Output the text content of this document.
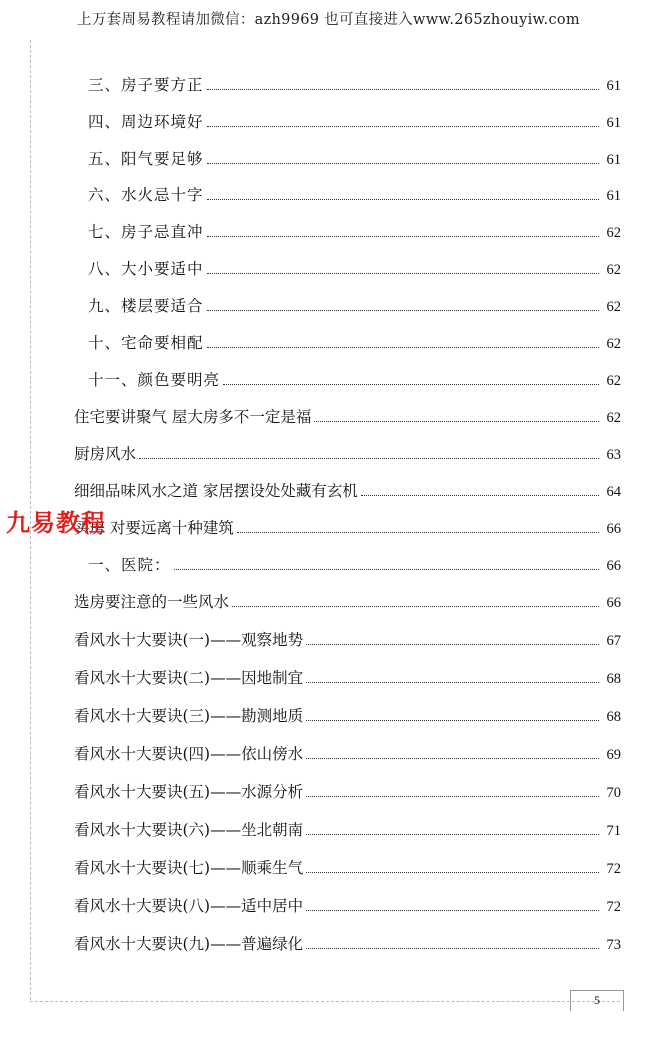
上万套周易教程请加微信：azh9969 也可直接进入www.265zhouyiw.com
三、房子要方正	61
四、周边环境好	61
五、阳气要足够	61
六、水火忌十字	61
七、房子忌直冲	62
八、大小要适中	62
九、楼层要适合	62
十、宅命要相配	62
十一、颜色要明亮	62
住宅要讲聚气 屋大房多不一定是福	62
厨房风水	63
细细品味风水之道 家居摆设处处藏有玄机	64
买房 对要远离十种建筑	66
一、医院：	66
选房要注意的一些风水	66
看风水十大要诀(一)——观察地势	67
看风水十大要诀(二)——因地制宜	68
看风水十大要诀(三)——勘测地质	68
看风水十大要诀(四)——依山傍水	69
看风水十大要诀(五)——水源分析	70
看风水十大要诀(六)——坐北朝南	71
看风水十大要诀(七)——顺乘生气	72
看风水十大要诀(八)——适中居中	72
看风水十大要诀(九)——普遍绿化	73
九易教程
5
